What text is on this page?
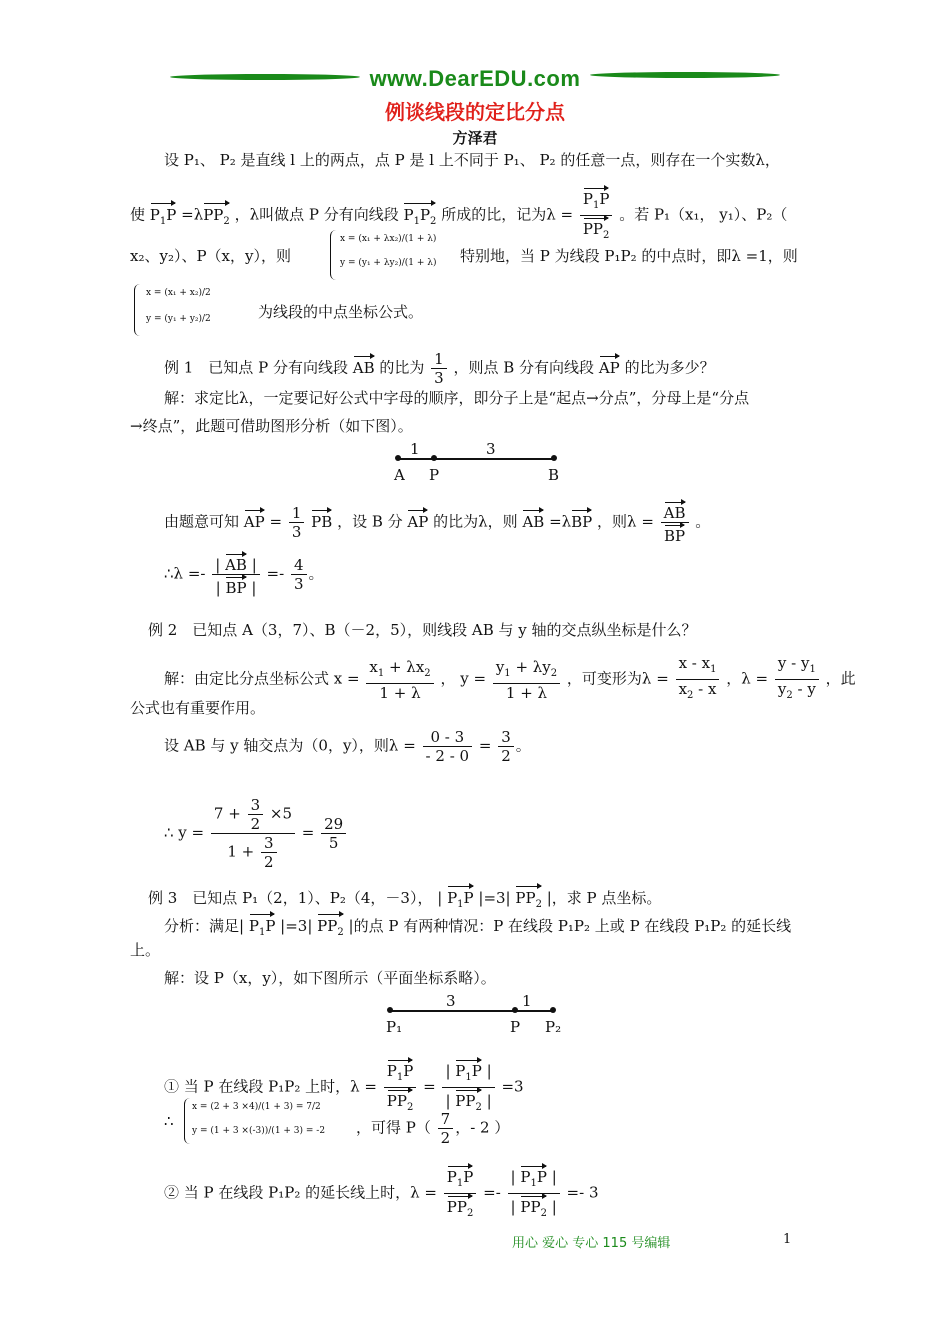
www.DearEDU.com
例谈线段的定比分点
方泽君
设 P₁、 P₂ 是直线 l 上的两点，点 P 是 l 上不同于 P₁、 P₂ 的任意一点，则存在一个实数λ，
使 $P_1P =\lambda PP_2$ ，λ叫做点 P 分有向线段 $P_1P_2$ 所成的比，记为$\lambda = \frac{P_1P}{PP_2}$ 。若 P₁（x₁， y₁）、P₂（
x₂、y₂）、P（x，y），则
x = (x₁ + λx₂)/(1 + λ)
y = (y₁ + λy₂)/(1 + λ) 特别地，当 P 为线段 P₁P₂ 的中点时，即λ =1，则
x = (x₁ + x₂)/2
y = (y₁ + y₂)/2	为线段的中点坐标公式。
例 1　已知点 P 分有向线段 AB 的比为 $\frac{1}{3}$ ，则点 B 分有向线段 AP 的比为多少？
解：求定比λ，一定要记好公式中字母的顺序，即分子上是“起点→分点”，分母上是“分点
→终点”，此题可借助图形分析（如下图）。
1	3
A P	B
由题意可知 AP = $\frac{1}{3}$ PB ，设 B 分 AP 的比为λ，则 AB =λBP ，则$\lambda = \frac{AB}{BP}$ 。
∴λ =- $\frac{| AB |}{| BP |} =- \frac{4}{3}$ 。
例 2　已知点 A（3，7）、B（－2，5），则线段 AB 与 y 轴的交点纵坐标是什么？
解：由定比分点坐标公式 $x = \frac{x_1 + \lambda x_2}{1 + \lambda}$ ， $y = \frac{y_1 + \lambda y_2}{1 + \lambda}$ ，可变形为$\lambda = \frac{x - x_1}{x_2 - x}$ ，$\lambda = \frac{y - y_1}{y_2 - y}$ ，此
公式也有重要作用。
设 AB 与 y 轴交点为（0，y），则$\lambda = \frac{0 - 3}{- 2 - 0} = \frac{3}{2}$ 。
∴ $y = \frac{7 + \frac{3}{2} \times 5}{1 + \frac{3}{2}} = \frac{29}{5}$
例 3　已知点 P₁（2，1）、P₂（4，－3）， | $P_1P$ |=3| $PP_2$ |，求 P 点坐标。
分析：满足| $P_1P$ |=3| $PP_2$ |的点 P 有两种情况：P 在线段 P₁P₂ 上或 P 在线段 P₁P₂ 的延长线
上。
解：设 P（x，y），如下图所示（平面坐标系略）。
3	1
P₁	P P₂
① 当 P 在线段 P₁P₂ 上时，$\lambda = \frac{P_1P}{PP_2} = \frac{| P_1P |}{| PP_2 |} =3$
∴
x = (2 + 3 ×4)/(1 + 3) = 7/2
y = (1 + 3 ×(-3))/(1 + 3) = -2 ，可得 $P( \frac{7}{2}$ ，- 2 ）
② 当 P 在线段 P₁P₂ 的延长线上时，$\lambda = \frac{P_1P}{PP_2} =- \frac{| P_1P |}{| PP_2 |} =- 3$
用心 爱心 专心 115 号编辑	1
